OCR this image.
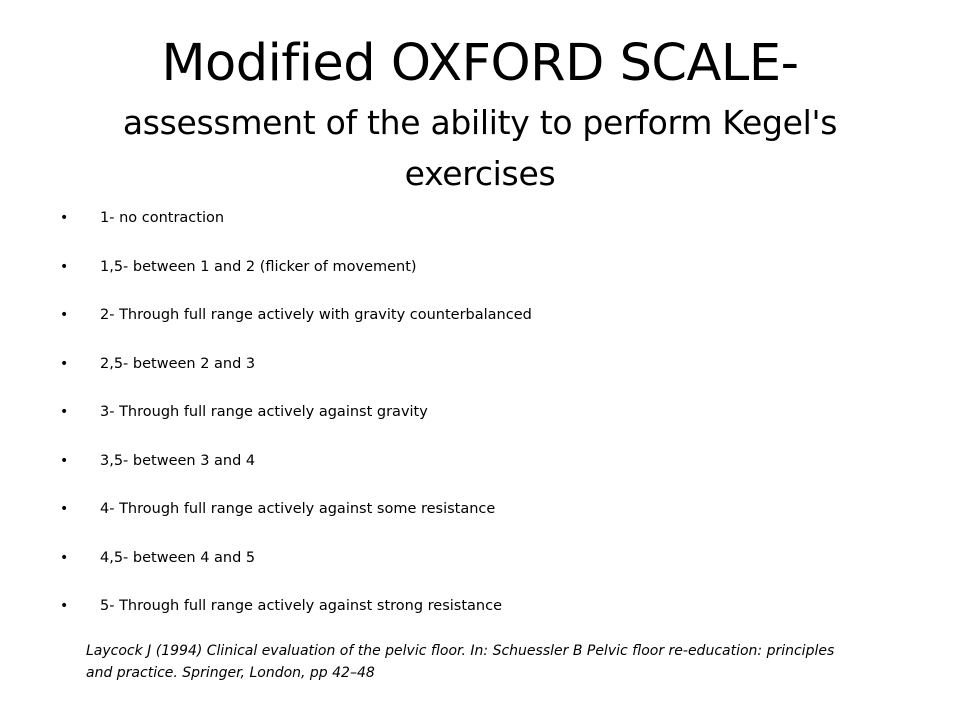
Modified OXFORD SCALE-
assessment of the ability to perform Kegel's exercises
• 1- no contraction
• 1,5- between 1 and 2 (flicker of movement)
• 2- Through full range actively with gravity counterbalanced
• 2,5- between 2 and 3
• 3- Through full range actively against gravity
• 3,5- between 3 and 4
• 4- Through full range actively against some resistance
• 4,5- between 4 and 5
• 5- Through full range actively against strong resistance
Laycock J (1994) Clinical evaluation of the pelvic floor. In: Schuessler B Pelvic floor re-education: principles and practice. Springer, London, pp 42–48
